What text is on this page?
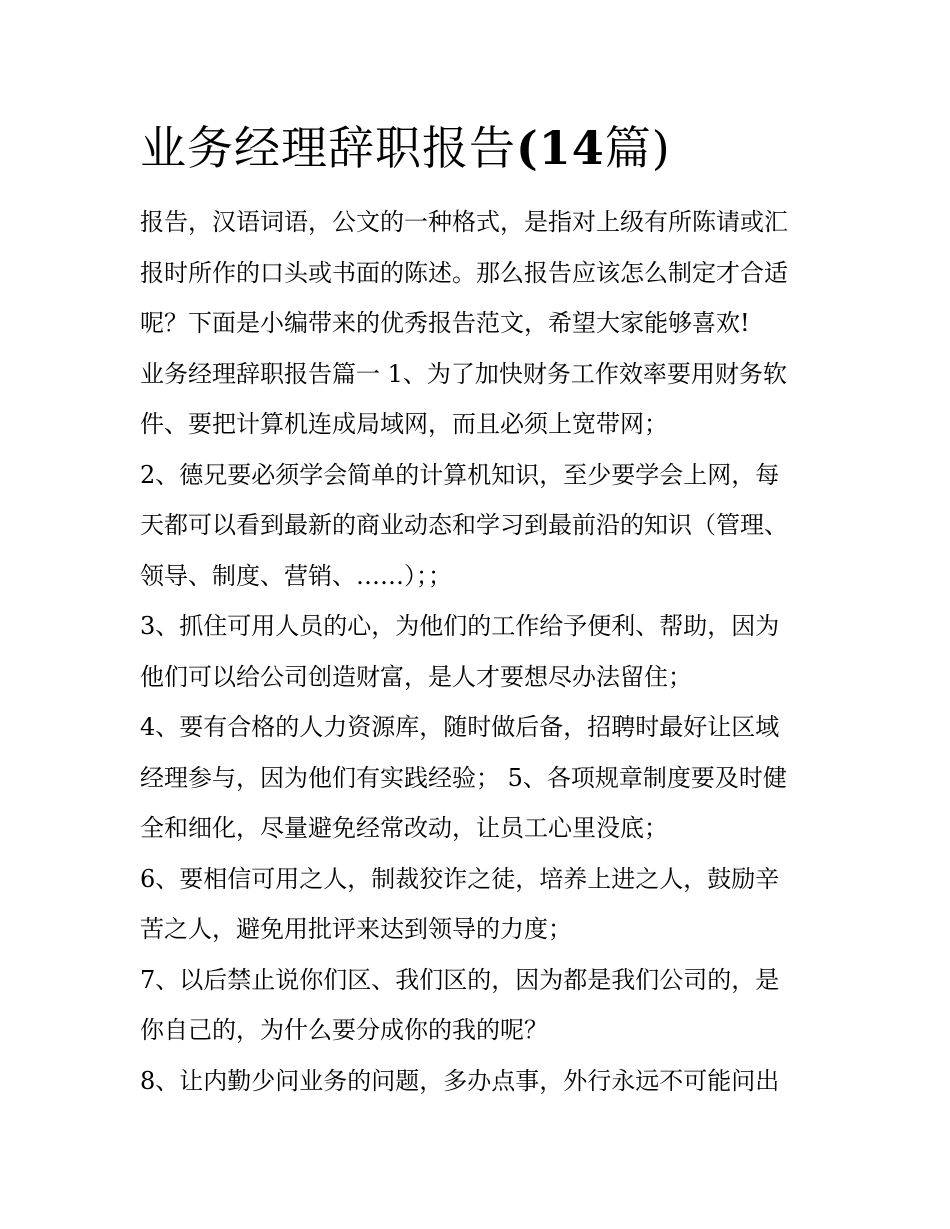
业务经理辞职报告(14篇)

报告，汉语词语，公文的一种格式，是指对上级有所陈请或汇
报时所作的口头或书面的陈述。那么报告应该怎么制定才合适
呢？下面是小编带来的优秀报告范文，希望大家能够喜欢!

业务经理辞职报告篇一 1、为了加快财务工作效率要用财务软
件、要把计算机连成局域网，而且必须上宽带网；

2、德兄要必须学会简单的计算机知识，至少要学会上网，每
天都可以看到最新的商业动态和学习到最前沿的知识（管理、
领导、制度、营销、……）；；

3、抓住可用人员的心，为他们的工作给予便利、帮助，因为
他们可以给公司创造财富，是人才要想尽办法留住；

4、要有合格的人力资源库，随时做后备，招聘时最好让区域
经理参与，因为他们有实践经验； 5、各项规章制度要及时健
全和细化，尽量避免经常改动，让员工心里没底；

6、要相信可用之人，制裁狡诈之徒，培养上进之人，鼓励辛
苦之人，避免用批评来达到领导的力度；

7、以后禁止说你们区、我们区的，因为都是我们公司的，是
你自己的，为什么要分成你的我的呢？

8、让内勤少问业务的问题，多办点事，外行永远不可能问出
